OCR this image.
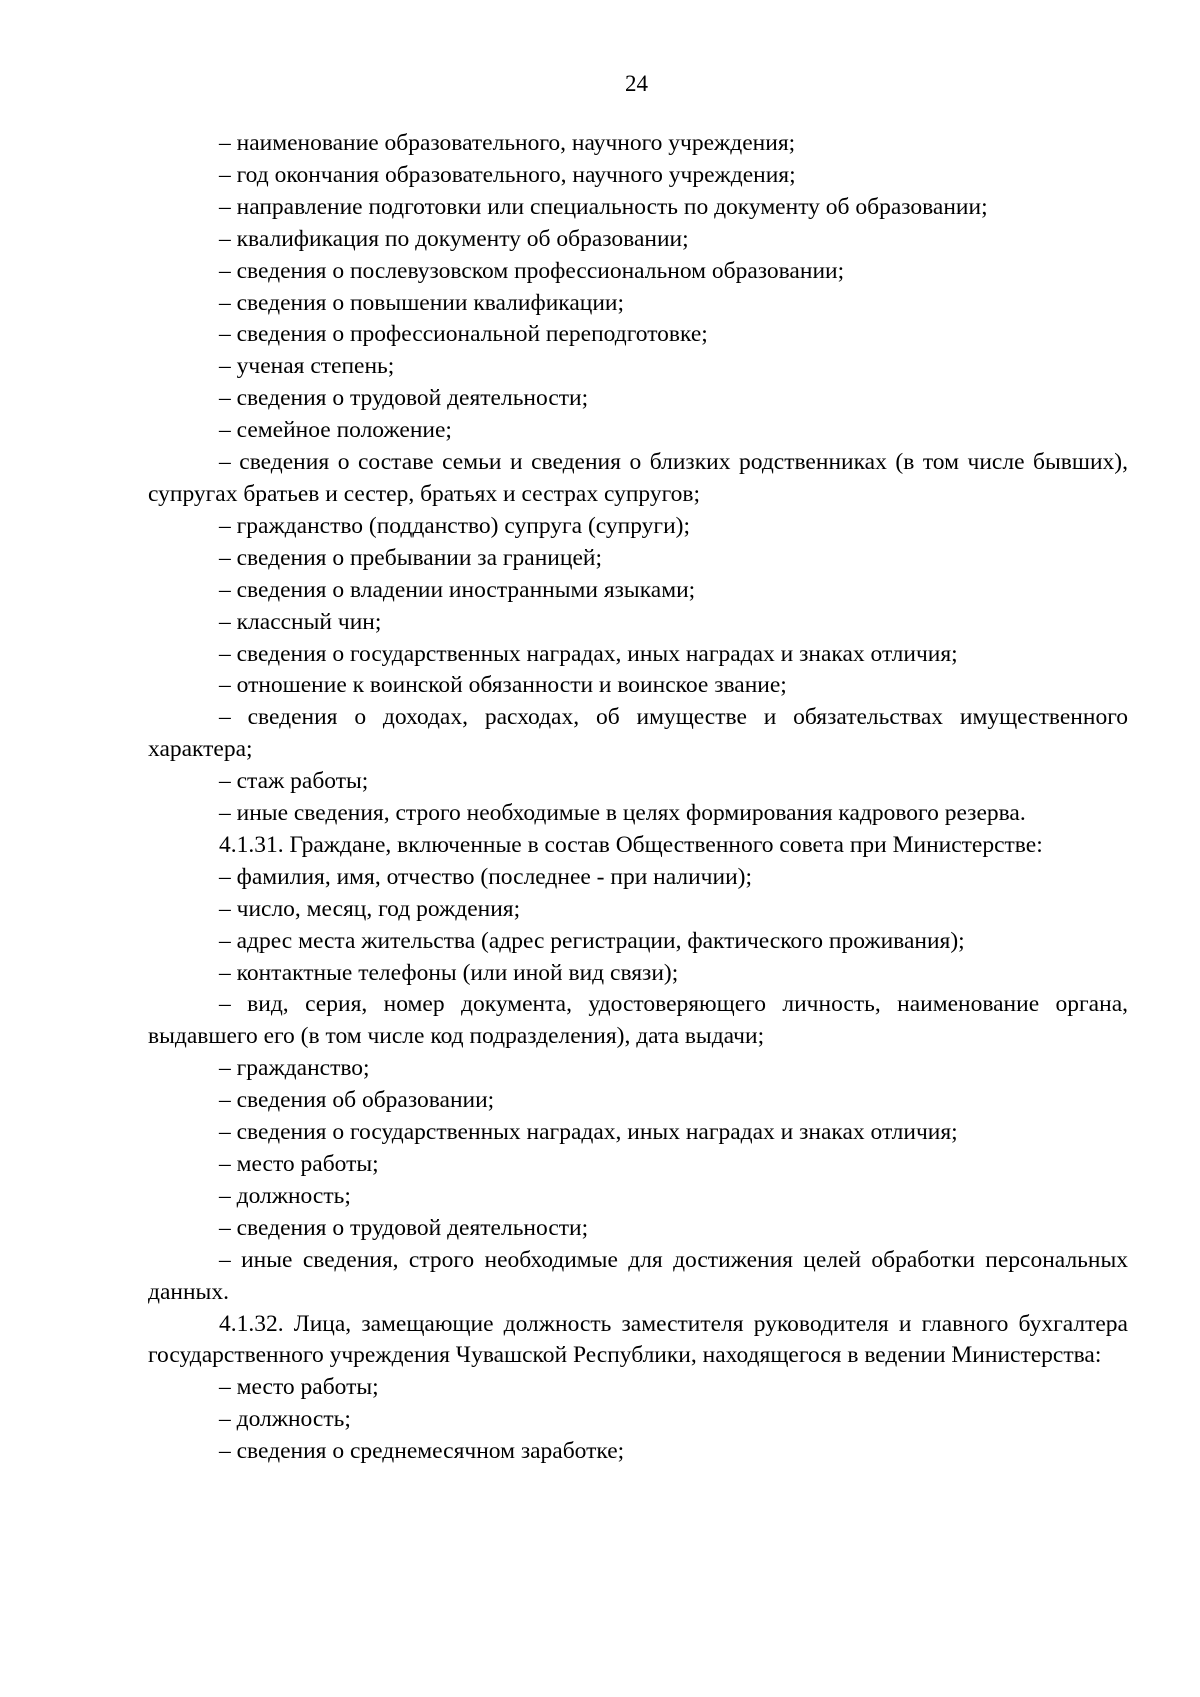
24

– наименование образовательного, научного учреждения;

– год окончания образовательного, научного учреждения;

– направление подготовки или специальность по документу об образовании;

– квалификация по документу об образовании;

– сведения о послевузовском профессиональном образовании;

– сведения о повышении квалификации;

– сведения о профессиональной переподготовке;

– ученая степень;

– сведения о трудовой деятельности;

– семейное положение;

– сведения о составе семьи и сведения о близких родственниках (в том числе бывших), супругах братьев и сестер, братьях и сестрах супругов;

– гражданство (подданство) супруга (супруги);

– сведения о пребывании за границей;

– сведения о владении иностранными языками;

– классный чин;

– сведения о государственных наградах, иных наградах и знаках отличия;

– отношение к воинской обязанности и воинское звание;

– сведения о доходах, расходах, об имуществе и обязательствах имущественного характера;

– стаж работы;

– иные сведения, строго необходимые в целях формирования кадрового резерва.

4.1.31. Граждане, включенные в состав Общественного совета при Министерстве:

– фамилия, имя, отчество (последнее - при наличии);

– число, месяц, год рождения;

– адрес места жительства (адрес регистрации, фактического проживания);

– контактные телефоны (или иной вид связи);

– вид, серия, номер документа, удостоверяющего личность, наименование органа, выдавшего его (в том числе код подразделения), дата выдачи;

– гражданство;

– сведения об образовании;

– сведения о государственных наградах, иных наградах и знаках отличия;

– место работы;

– должность;

– сведения о трудовой деятельности;

– иные сведения, строго необходимые для достижения целей обработки персональных данных.

4.1.32. Лица, замещающие должность заместителя руководителя и главного бухгалтера государственного учреждения Чувашской Республики, находящегося в ведении Министерства:

– место работы;

– должность;

– сведения о среднемесячном заработке;
